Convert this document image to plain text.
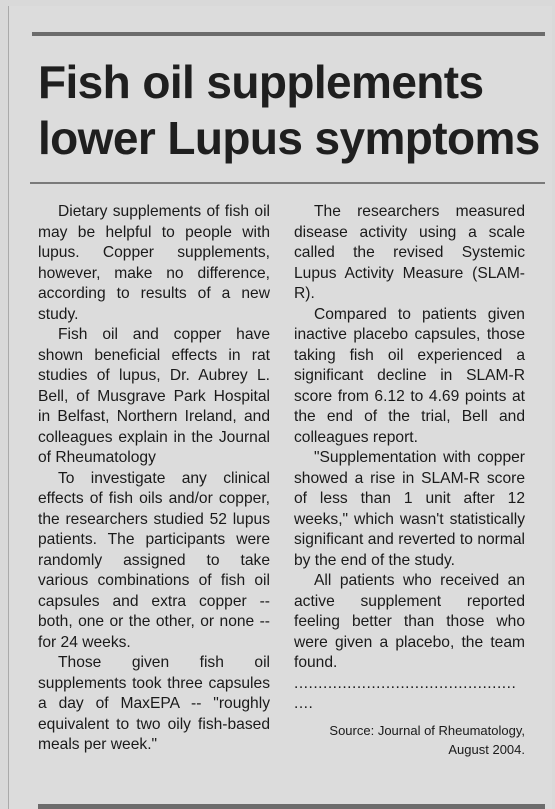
Fish oil supplements
lower Lupus symptoms

Dietary supplements of fish oil may be helpful to people with lupus. Copper supplements, however, make no difference, according to results of a new study.

Fish oil and copper have shown beneficial effects in rat studies of lupus, Dr. Aubrey L. Bell, of Musgrave Park Hospital in Belfast, Northern Ireland, and colleagues explain in the Journal of Rheumatology

To investigate any clinical effects of fish oils and/or copper, the researchers studied 52 lupus patients. The participants were randomly assigned to take various combinations of fish oil capsules and extra copper -- both, one or the other, or none -- for 24 weeks.

Those given fish oil supplements took three capsules a day of MaxEPA -- "roughly equivalent to two oily fish-based meals per week."

The researchers measured disease activity using a scale called the revised Systemic Lupus Activity Measure (SLAM-R).

Compared to patients given inactive placebo capsules, those taking fish oil experienced a significant decline in SLAM-R score from 6.12 to 4.69 points at the end of the trial, Bell and colleagues report.

"Supplementation with copper showed a rise in SLAM-R score of less than 1 unit after 12 weeks," which wasn't statistically significant and reverted to normal by the end of the study.

All patients who received an active supplement reported feeling better than those who were given a placebo, the team found.

..............................................
....

Source: Journal of Rheumatology,
August 2004.
